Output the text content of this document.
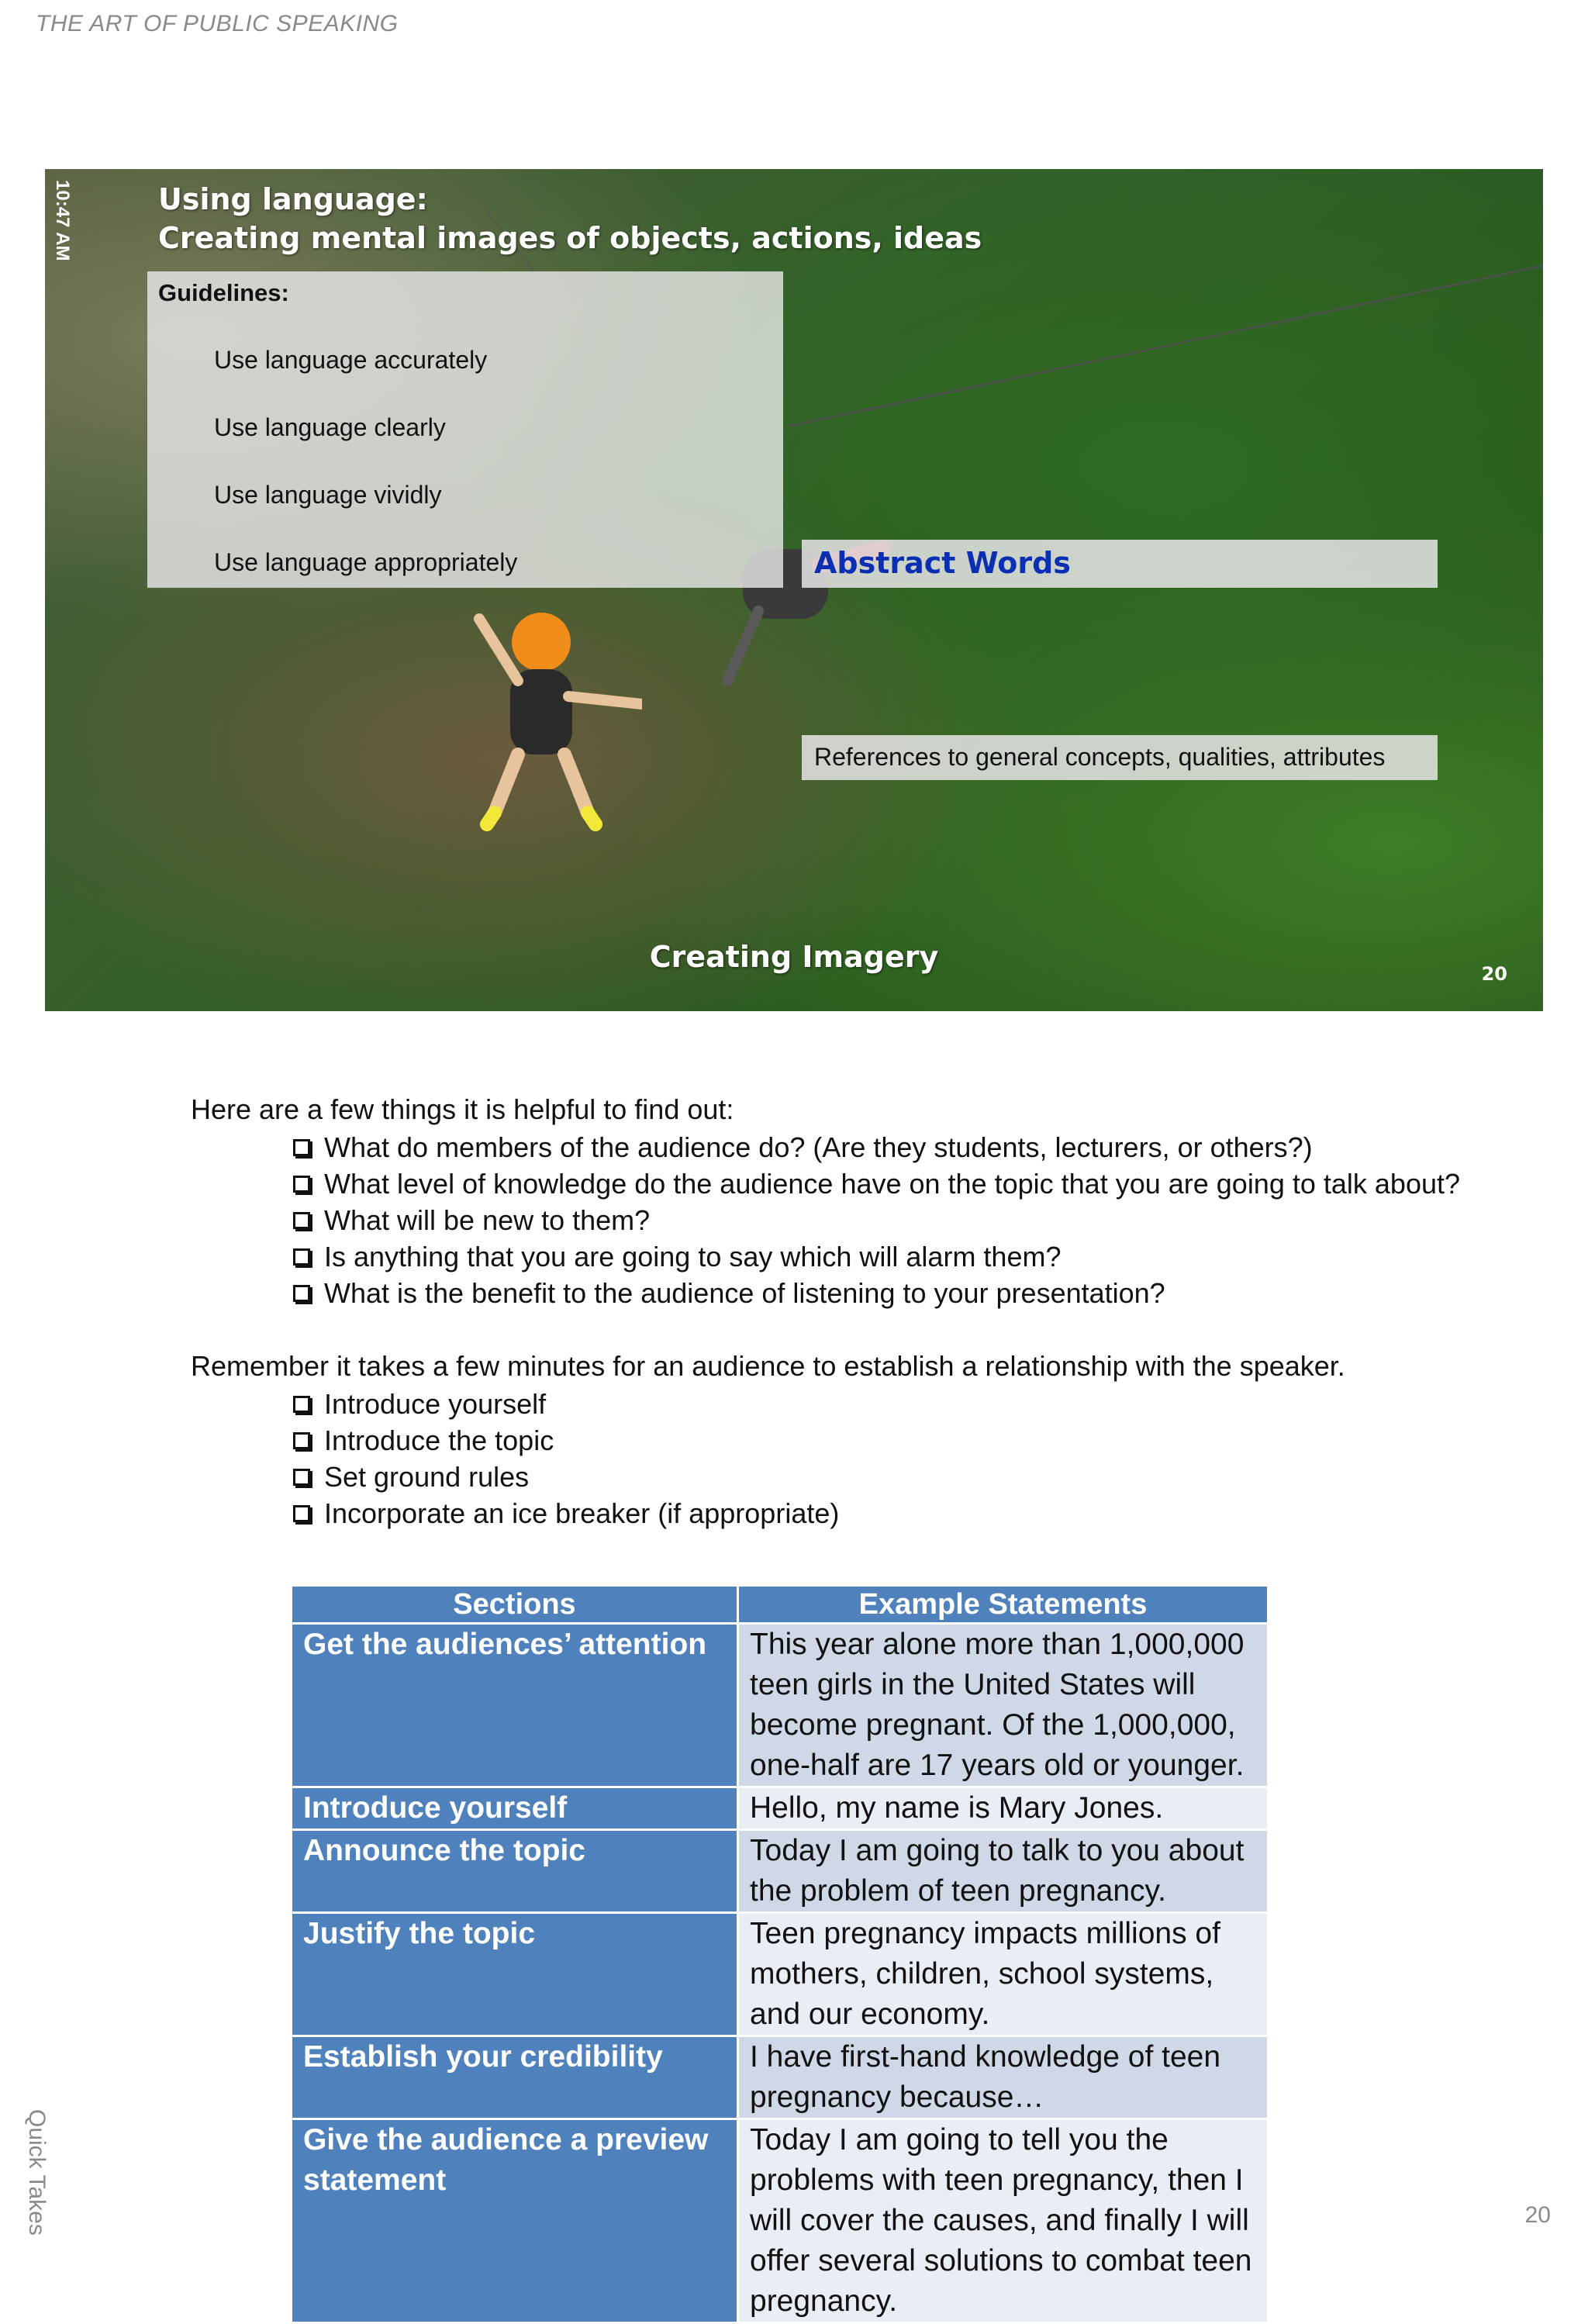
THE ART OF PUBLIC SPEAKING
10:47 AM	Using language:
Creating mental images of objects, actions, ideas
Guidelines:
Use language accurately
Use language clearly
Use language vividly
Use language appropriately	Abstract Words
References to general concepts, qualities, attributes
Creating Imagery	20
Here are a few things it is helpful to find out:
What do members of the audience do? (Are they students, lecturers, or others?)
What level of knowledge do the audience have on the topic that you are going to talk about?
What will be new to them?
Is anything that you are going to say which will alarm them?
What is the benefit to the audience of listening to your presentation?
Remember it takes a few minutes for an audience to establish a relationship with the speaker.
Introduce yourself
Introduce the topic
Set ground rules
Incorporate an ice breaker (if appropriate)
Sections	Example Statements
Get the audiences’ attention	This year alone more than 1,000,000 teen girls in the United States will become pregnant. Of the 1,000,000, one-half are 17 years old or younger.
Introduce yourself	Hello, my name is Mary Jones.
Announce the topic	Today I am going to talk to you about the problem of teen pregnancy.
Justify the topic	Teen pregnancy impacts millions of mothers, children, school systems, and our economy.
Establish your credibility	I have first-hand knowledge of teen pregnancy because…
Give the audience a preview statement	Today I am going to tell you the problems with teen pregnancy, then I will cover the causes, and finally I will offer several solutions to combat teen pregnancy.
Quick Takes	20
